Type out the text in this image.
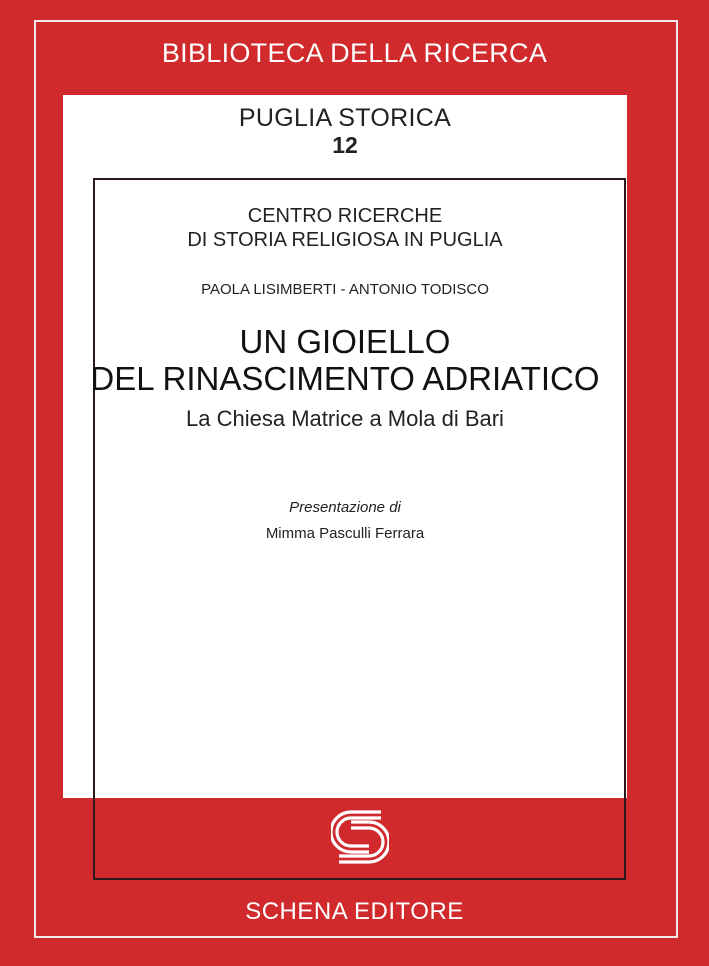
BIBLIOTECA DELLA RICERCA
PUGLIA STORICA
12
CENTRO RICERCHE
DI STORIA RELIGIOSA IN PUGLIA
PAOLA LISIMBERTI - ANTONIO TODISCO
UN GIOIELLO
DEL RINASCIMENTO ADRIATICO
La Chiesa Matrice a Mola di Bari
Presentazione di
Mimma Pasculli Ferrara
SCHENA EDITORE
